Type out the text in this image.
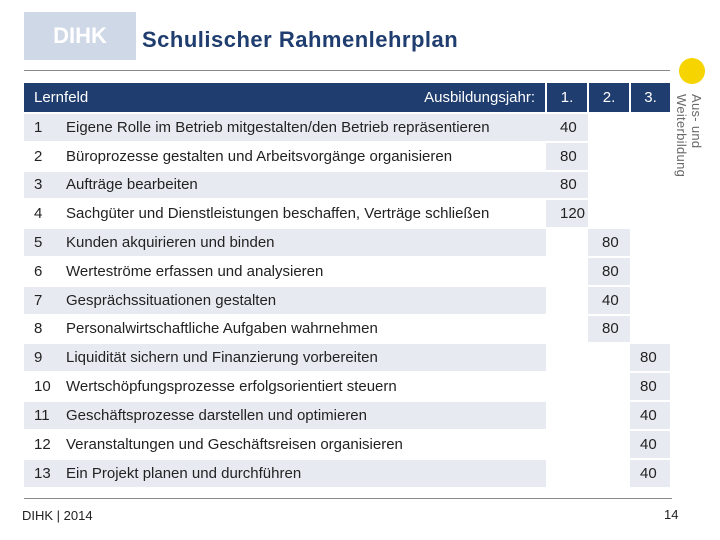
DIHK Schulischer Rahmenlehrplan
Aus- und Weiterbildung
Lernfeld Ausbildungsjahr:		1.	2.	3.
1	Eigene Rolle im Betrieb mitgestalten/den Betrieb repräsentieren	40		
2	Büroprozesse gestalten und Arbeitsvorgänge organisieren	80		
3	Aufträge bearbeiten	80		
4	Sachgüter und Dienstleistungen beschaffen, Verträge schließen	120		
5	Kunden akquirieren und binden		80	
6	Werteströme erfassen und analysieren		80	
7	Gesprächssituationen gestalten		40	
8	Personalwirtschaftliche Aufgaben wahrnehmen		80	
9	Liquidität sichern und Finanzierung vorbereiten			80
10	Wertschöpfungsprozesse erfolgsorientiert steuern			80
11	Geschäftsprozesse darstellen und optimieren			40
12	Veranstaltungen und Geschäftsreisen organisieren			40
13	Ein Projekt planen und durchführen			40
DIHK | 2014	14
